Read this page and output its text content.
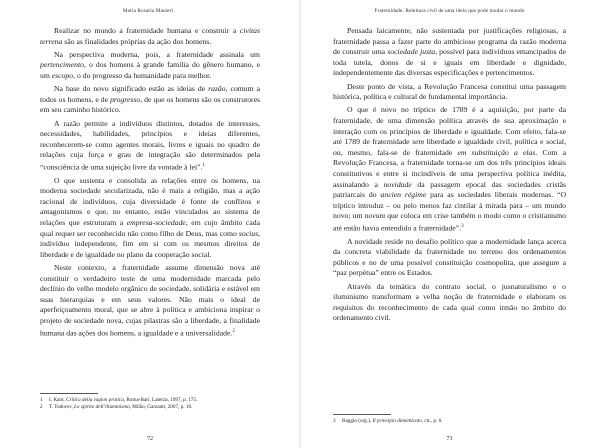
Maria Rosaria Manieri

Realizar no mundo a fraternidade humana e construir a civitas terrena são as finalidades próprias da ação dos homens.

Na perspectiva moderna, pois, a fraternidade assinala um pertencimento, o dos homens à grande família do gênero humano, e um escopo, o do progresso da humanidade para melhor.

Na base do novo significado estão as ideias de razão, comum a todos os homens, e de progresso, de que os homens são os construtores em seu caminho histórico.

A razão permite a indivíduos distintos, dotados de interesses, necessidades, habilidades, princípios e ideias diferentes, reconhecerem-se como agentes morais, livres e iguais no quadro de relações cuja força e grau de integração são determinados pela “consciência de uma sujeição livre da vontade à lei”.$^1$

O que sustenta e consolida as relações entre os homens, na moderna sociedade secularizada, não é mais a religião, mas a ação racional de indivíduos, cuja diversidade é fonte de conflitos e antagonismos e que, no entanto, estão vinculados ao sistema de relações que estruturam a empresa-sociedade, em cujo âmbito cada qual requer ser reconhecido não como filho de Deus, mas como socius, indivíduo independente, fim em si com os mesmos direitos de liberdade e de igualdade no plano da cooperação social.

Neste contexto, a fraternidade assume dimensão nova até constituir o verdadeiro teste de uma modernidade marcada pelo declínio do velho modelo orgânico de sociedade, solidária e estável em suas hierarquias e em seus valores. Não mais o ideal de aperfeiçoamento moral, que se abre à política e ambiciona inspirar o projeto de sociedade nova, cujas pilastras são a liberdade, a finalidade humana das ações dos homens, a igualdade e a universalidade.$^2$

1 I. Kant, Critica della ragion pratica, Roma-Bari, Laterza, 1997, p. 175.
2 T. Todorov, Lo spirito dell’illuminismo, Milão, Garzanti, 2007, p. 10.
72
Fraternidade. Releitura civil de uma ideia que pode mudar o mundo

Pensada laicamente, não sustentada por justificações religiosas, a fraternidade passa a fazer parte do ambicioso programa da razão moderna de construir uma sociedade justa, possível para indivíduos emancipados de toda tutela, donos de si e iguais em liberdade e dignidade, independentemente das diversas especificações e pertencimentos.

Deste ponto de vista, a Revolução Francesa constitui uma passagem histórica, política e cultural de fundamental importância.

O que é novo no tríptico de 1789 é a aquisição, por parte da fraternidade, de uma dimensão política através de sua aproximação e interação com os princípios de liberdade e igualdade. Com efeito, fala-se até 1789 de fraternidade sem liberdade e igualdade civil, política e social, ou, mesmo, fala-se de fraternidade em substituição a elas. Com a Revolução Francesa, a fraternidade torna-se um dos três princípios ideais constitutivos e entre si incindíveis de uma perspectiva política inédita, assinalando a novidade da passagem epocal das sociedades cristãs patriarcais do ancien régime para as sociedades liberais modernas. “O tríptico introduz – ou pelo menos faz cintilar à mirada para – um mundo novo; um novum que coloca em crise também o modo como o cristianismo até então havia entendido a fraternidade”.$^3$

A novidade reside no desafio político que a modernidade lança acerca da concreta viabilidade da fraternidade no terreno dos ordenamentos públicos e no de uma possível constituição cosmopolita, que assegure a “paz perpétua” entre os Estados.

Através da temática do contrato social, o jusnaturalismo e o iluminismo transformam a velha noção de fraternidade e elaboram os requisitos do reconhecimento de cada qual como irmão no âmbito do ordenamento civil.

3 Baggio (org.), Il principio dimenticato, cit., p. 6.
73
